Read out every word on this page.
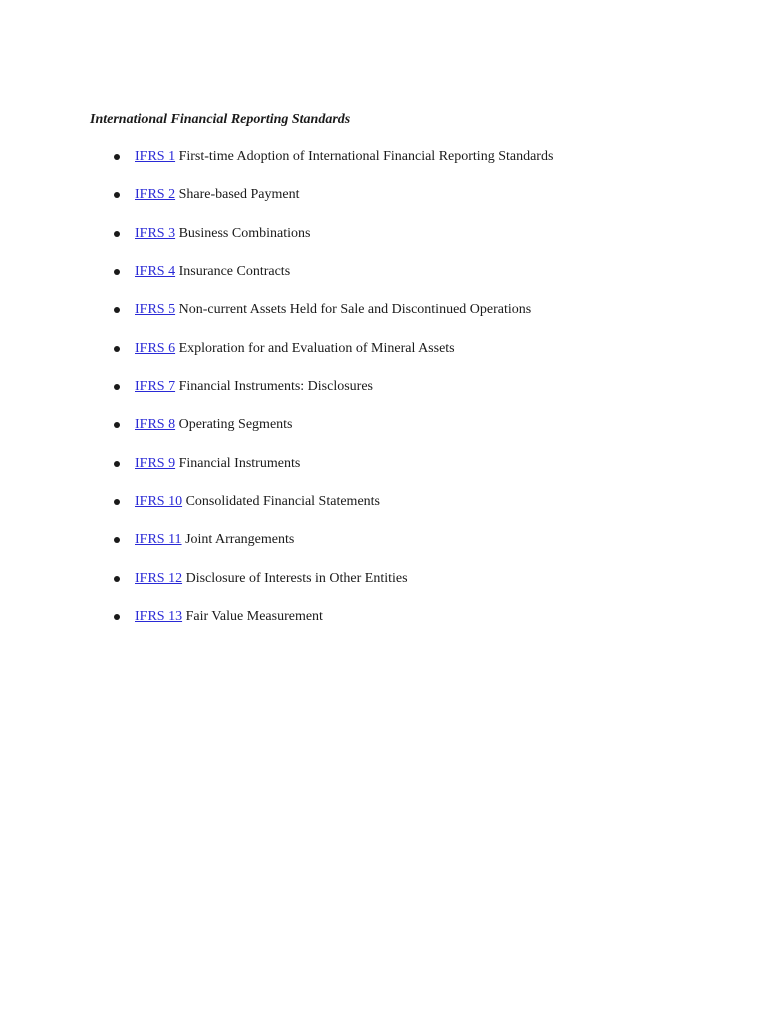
International Financial Reporting Standards
IFRS 1 First-time Adoption of International Financial Reporting Standards
IFRS 2 Share-based Payment
IFRS 3 Business Combinations
IFRS 4 Insurance Contracts
IFRS 5 Non-current Assets Held for Sale and Discontinued Operations
IFRS 6 Exploration for and Evaluation of Mineral Assets
IFRS 7 Financial Instruments: Disclosures
IFRS 8 Operating Segments
IFRS 9 Financial Instruments
IFRS 10 Consolidated Financial Statements
IFRS 11 Joint Arrangements
IFRS 12 Disclosure of Interests in Other Entities
IFRS 13 Fair Value Measurement
